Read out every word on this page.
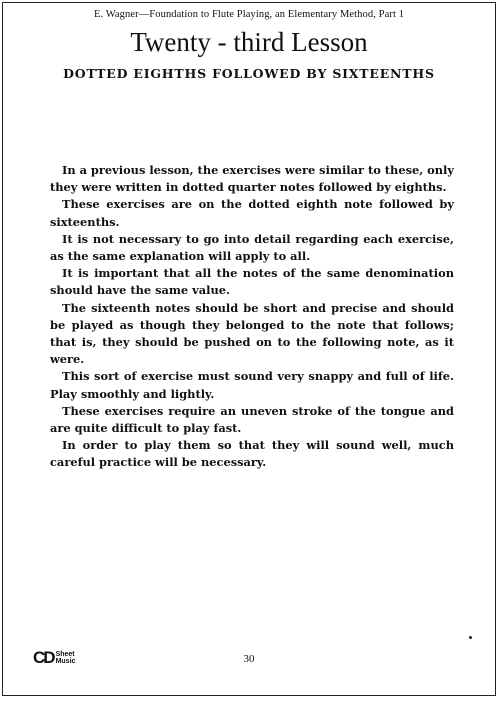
E. Wagner—Foundation to Flute Playing, an Elementary Method, Part 1
Twenty - third Lesson
DOTTED EIGHTHS FOLLOWED BY SIXTEENTHS

In a previous lesson, the exercises were similar to these, only they were written in dotted quarter notes followed by eighths.

These exercises are on the dotted eighth note followed by sixteenths.

It is not necessary to go into detail regarding each exercise, as the same explanation will apply to all.

It is important that all the notes of the same denomination should have the same value.

The sixteenth notes should be short and precise and should be played as though they belonged to the note that follows; that is, they should be pushed on to the following note, as it were.

This sort of exercise must sound very snappy and full of life. Play smoothly and lightly.

These exercises require an uneven stroke of the tongue and are quite difficult to play fast.

In order to play them so that they will sound well, much careful practice will be necessary.

CD Sheet
Music	30
